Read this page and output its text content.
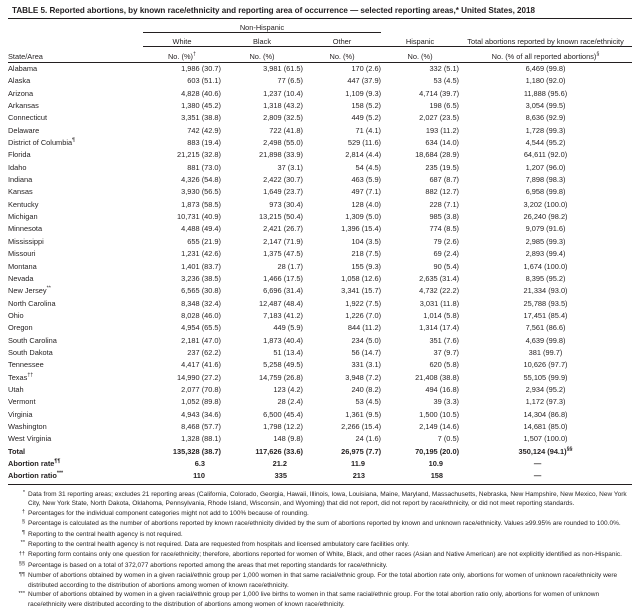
TABLE 5. Reported abortions, by known race/ethnicity and reporting area of occurrence — selected reporting areas,* United States, 2018
	Non-Hispanic				
	White	Black	Other	Hispanic	Total abortions reported by known race/ethnicity
State/Area	No. (%)†	No. (%)	No. (%)	No. (%)	No. (% of all reported abortions)§

Alabama	1,986 (30.7)	3,981 (61.5)	170 (2.6)	332 (5.1)	6,469 (99.8)
Alaska	603 (51.1)	77 (6.5)	447 (37.9)	53 (4.5)	1,180 (92.0)
Arizona	4,828 (40.6)	1,237 (10.4)	1,109 (9.3)	4,714 (39.7)	11,888 (95.6)
Arkansas	1,380 (45.2)	1,318 (43.2)	158 (5.2)	198 (6.5)	3,054 (99.5)
Connecticut	3,351 (38.8)	2,809 (32.5)	449 (5.2)	2,027 (23.5)	8,636 (92.9)
Delaware	742 (42.9)	722 (41.8)	71 (4.1)	193 (11.2)	1,728 (99.3)
District of Columbia¶	883 (19.4)	2,498 (55.0)	529 (11.6)	634 (14.0)	4,544 (95.2)
Florida	21,215 (32.8)	21,898 (33.9)	2,814 (4.4)	18,684 (28.9)	64,611 (92.0)
Idaho	881 (73.0)	37 (3.1)	54 (4.5)	235 (19.5)	1,207 (96.0)
Indiana	4,326 (54.8)	2,422 (30.7)	463 (5.9)	687 (8.7)	7,898 (98.3)
Kansas	3,930 (56.5)	1,649 (23.7)	497 (7.1)	882 (12.7)	6,958 (99.8)
Kentucky	1,873 (58.5)	973 (30.4)	128 (4.0)	228 (7.1)	3,202 (100.0)
Michigan	10,731 (40.9)	13,215 (50.4)	1,309 (5.0)	985 (3.8)	26,240 (98.2)
Minnesota	4,488 (49.4)	2,421 (26.7)	1,396 (15.4)	774 (8.5)	9,079 (91.6)
Mississippi	655 (21.9)	2,147 (71.9)	104 (3.5)	79 (2.6)	2,985 (99.3)
Missouri	1,231 (42.6)	1,375 (47.5)	218 (7.5)	69 (2.4)	2,893 (99.4)
Montana	1,401 (83.7)	28 (1.7)	155 (9.3)	90 (5.4)	1,674 (100.0)
Nevada	3,236 (38.5)	1,466 (17.5)	1,058 (12.6)	2,635 (31.4)	8,395 (95.2)
New Jersey**	6,565 (30.8)	6,696 (31.4)	3,341 (15.7)	4,732 (22.2)	21,334 (93.0)
North Carolina	8,348 (32.4)	12,487 (48.4)	1,922 (7.5)	3,031 (11.8)	25,788 (93.5)
Ohio	8,028 (46.0)	7,183 (41.2)	1,226 (7.0)	1,014 (5.8)	17,451 (85.4)
Oregon	4,954 (65.5)	449 (5.9)	844 (11.2)	1,314 (17.4)	7,561 (86.6)
South Carolina	2,181 (47.0)	1,873 (40.4)	234 (5.0)	351 (7.6)	4,639 (99.8)
South Dakota	237 (62.2)	51 (13.4)	56 (14.7)	37 (9.7)	381 (99.7)
Tennessee	4,417 (41.6)	5,258 (49.5)	331 (3.1)	620 (5.8)	10,626 (97.7)
Texas††	14,990 (27.2)	14,759 (26.8)	3,948 (7.2)	21,408 (38.8)	55,105 (99.9)
Utah	2,077 (70.8)	123 (4.2)	240 (8.2)	494 (16.8)	2,934 (95.2)
Vermont	1,052 (89.8)	28 (2.4)	53 (4.5)	39 (3.3)	1,172 (97.3)
Virginia	4,943 (34.6)	6,500 (45.4)	1,361 (9.5)	1,500 (10.5)	14,304 (86.8)
Washington	8,468 (57.7)	1,798 (12.2)	2,266 (15.4)	2,149 (14.6)	14,681 (85.0)
West Virginia	1,328 (88.1)	148 (9.8)	24 (1.6)	7 (0.5)	1,507 (100.0)
Total	135,328 (38.7)	117,626 (33.6)	26,975 (7.7)	70,195 (20.0)	350,124 (94.1)§§
Abortion rate¶¶	6.3	21.2	11.9	10.9	—
Abortion ratio***	110	335	213	158	—
* Data from 31 reporting areas; excludes 21 reporting areas (California, Colorado, Georgia, Hawaii, Illinois, Iowa, Louisiana, Maine, Maryland, Massachusetts, Nebraska, New Hampshire, New Mexico, New York City, New York State, North Dakota, Oklahoma, Pennsylvania, Rhode Island, Wisconsin, and Wyoming) that did not report, did not report by race/ethnicity, or did not meet reporting standards.
† Percentages for the individual component categories might not add to 100% because of rounding.
§ Percentage is calculated as the number of abortions reported by known race/ethnicity divided by the sum of abortions reported by known and unknown race/ethnicity. Values ≥99.95% are rounded to 100.0%.
¶ Reporting to the central health agency is not required.
** Reporting to the central health agency is not required. Data are requested from hospitals and licensed ambulatory care facilities only.
†† Reporting form contains only one question for race/ethnicity; therefore, abortions reported for women of White, Black, and other races (Asian and Native American) are not explicitly identified as non-Hispanic.
§§ Percentage is based on a total of 372,077 abortions reported among the areas that met reporting standards for race/ethnicity.
¶¶ Number of abortions obtained by women in a given racial/ethnic group per 1,000 women in that same racial/ethnic group. For the total abortion rate only, abortions for women of unknown race/ethnicity were distributed according to the distribution of abortions among women of known race/ethnicity.
*** Number of abortions obtained by women in a given racial/ethnic group per 1,000 live births to women in that same racial/ethnic group. For the total abortion ratio only, abortions for women of unknown race/ethnicity were distributed according to the distribution of abortions among women of known race/ethnicity.
